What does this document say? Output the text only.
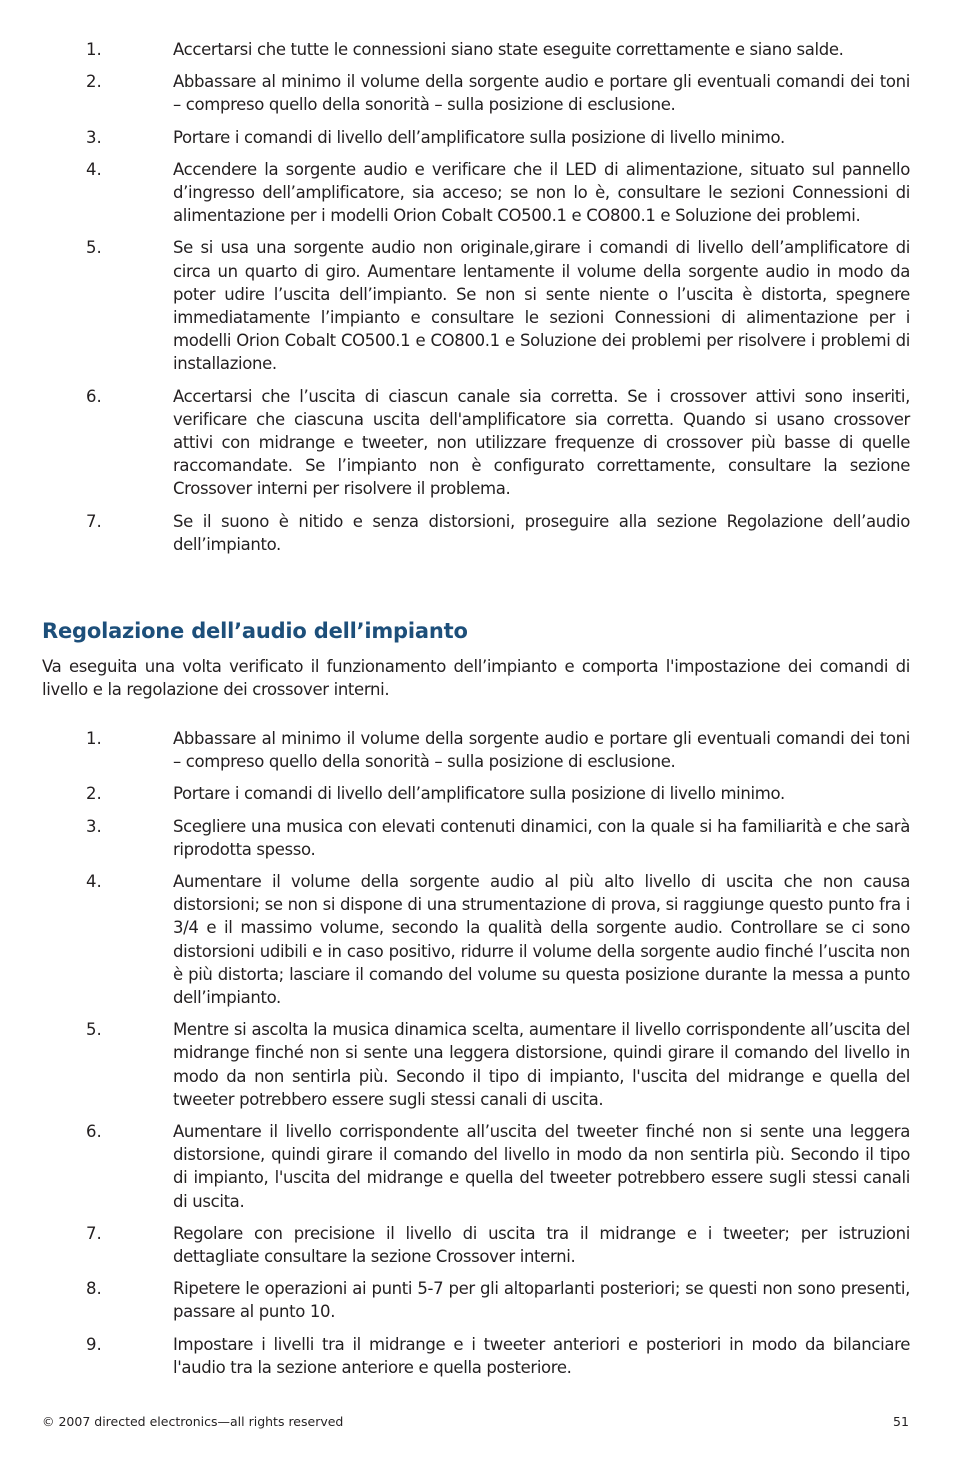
1.	Accertarsi che tutte le connessioni siano state eseguite correttamente e siano salde.
2.	Abbassare al minimo il volume della sorgente audio e portare gli eventuali comandi dei toni – compreso quello della sonorità – sulla posizione di esclusione.
3.	Portare i comandi di livello dell’amplificatore sulla posizione di livello minimo.
4.	Accendere la sorgente audio e verificare che il LED di alimentazione, situato sul pannello d’ingresso dell’amplificatore, sia acceso; se non lo è, consultare le sezioni Connessioni di alimentazione per i modelli Orion Cobalt CO500.1 e CO800.1 e Soluzione dei problemi.
5.	Se si usa una sorgente audio non originale,girare i comandi di livello dell’amplificatore di circa un quarto di giro. Aumentare lentamente il volume della sorgente audio in modo da poter udire l’uscita dell’impianto. Se non si sente niente o l’uscita è distorta, spegnere immediatamente l’impianto e consultare le sezioni Connessioni di alimentazione per i modelli Orion Cobalt CO500.1 e CO800.1 e Soluzione dei problemi per risolvere i problemi di installazione.
6.	Accertarsi che l’uscita di ciascun canale sia corretta. Se i crossover attivi sono inseriti, verificare che ciascuna uscita dell'amplificatore sia corretta. Quando si usano crossover attivi con midrange e tweeter, non utilizzare frequenze di crossover più basse di quelle raccomandate. Se l’impianto non è configurato correttamente, consultare la sezione Crossover interni per risolvere il problema.
7.	Se il suono è nitido e senza distorsioni, proseguire alla sezione Regolazione dell’audio dell’impianto.
Regolazione dell’audio dell’impianto

Va eseguita una volta verificato il funzionamento dell’impianto e comporta l'impostazione dei comandi di livello e la regolazione dei crossover interni.

1.	Abbassare al minimo il volume della sorgente audio e portare gli eventuali comandi dei toni – compreso quello della sonorità – sulla posizione di esclusione.
2.	Portare i comandi di livello dell’amplificatore sulla posizione di livello minimo.
3.	Scegliere una musica con elevati contenuti dinamici, con la quale si ha familiarità e che sarà riprodotta spesso.
4.	Aumentare il volume della sorgente audio al più alto livello di uscita che non causa distorsioni; se non si dispone di una strumentazione di prova, si raggiunge questo punto fra i 3/4 e il massimo volume, secondo la qualità della sorgente audio. Controllare se ci sono distorsioni udibili e in caso positivo, ridurre il volume della sorgente audio finché l’uscita non è più distorta; lasciare il comando del volume su questa posizione durante la messa a punto dell’impianto.
5.	Mentre si ascolta la musica dinamica scelta, aumentare il livello corrispondente all’uscita del midrange finché non si sente una leggera distorsione, quindi girare il comando del livello in modo da non sentirla più. Secondo il tipo di impianto, l'uscita del midrange e quella del tweeter potrebbero essere sugli stessi canali di uscita.
6.	Aumentare il livello corrispondente all’uscita del tweeter finché non si sente una leggera distorsione, quindi girare il comando del livello in modo da non sentirla più. Secondo il tipo di impianto, l'uscita del midrange e quella del tweeter potrebbero essere sugli stessi canali di uscita.
7.	Regolare con precisione il livello di uscita tra il midrange e i tweeter; per istruzioni dettagliate consultare la sezione Crossover interni.
8.	Ripetere le operazioni ai punti 5-7 per gli altoparlanti posteriori; se questi non sono presenti, passare al punto 10.
9.	Impostare i livelli tra il midrange e i tweeter anteriori e posteriori in modo da bilanciare l'audio tra la sezione anteriore e quella posteriore.
© 2007 directed electronics—all rights reserved	51
